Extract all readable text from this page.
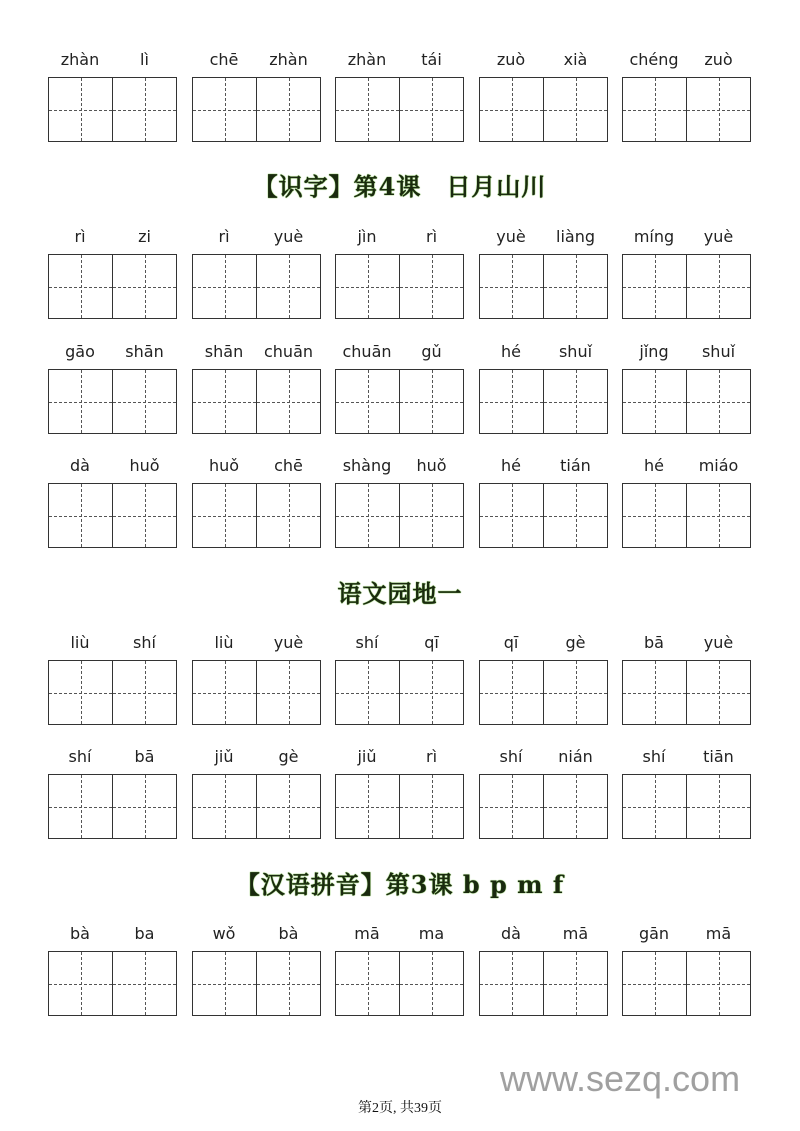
【识字】第4课　日月山川
语文园地一
【汉语拼音】第3课 b p m f
www.sezq.com
第2页, 共39页
zhàn	lì	chē	zhàn	zhàn	tái	zuò	xià	chéng	zuò
rì	zi	rì	yuè	jìn	rì	yuè	liàng	míng	yuè
gāo	shān	shān	chuān	chuān	gǔ	hé	shuǐ	jǐng	shuǐ
dà	huǒ	huǒ	chē	shàng	huǒ	hé	tián	hé	miáo
liù	shí	liù	yuè	shí	qī	qī	gè	bā	yuè
shí	bā	jiǔ	gè	jiǔ	rì	shí	nián	shí	tiān
bà	ba	wǒ	bà	mā	ma	dà	mā	gān	mā
